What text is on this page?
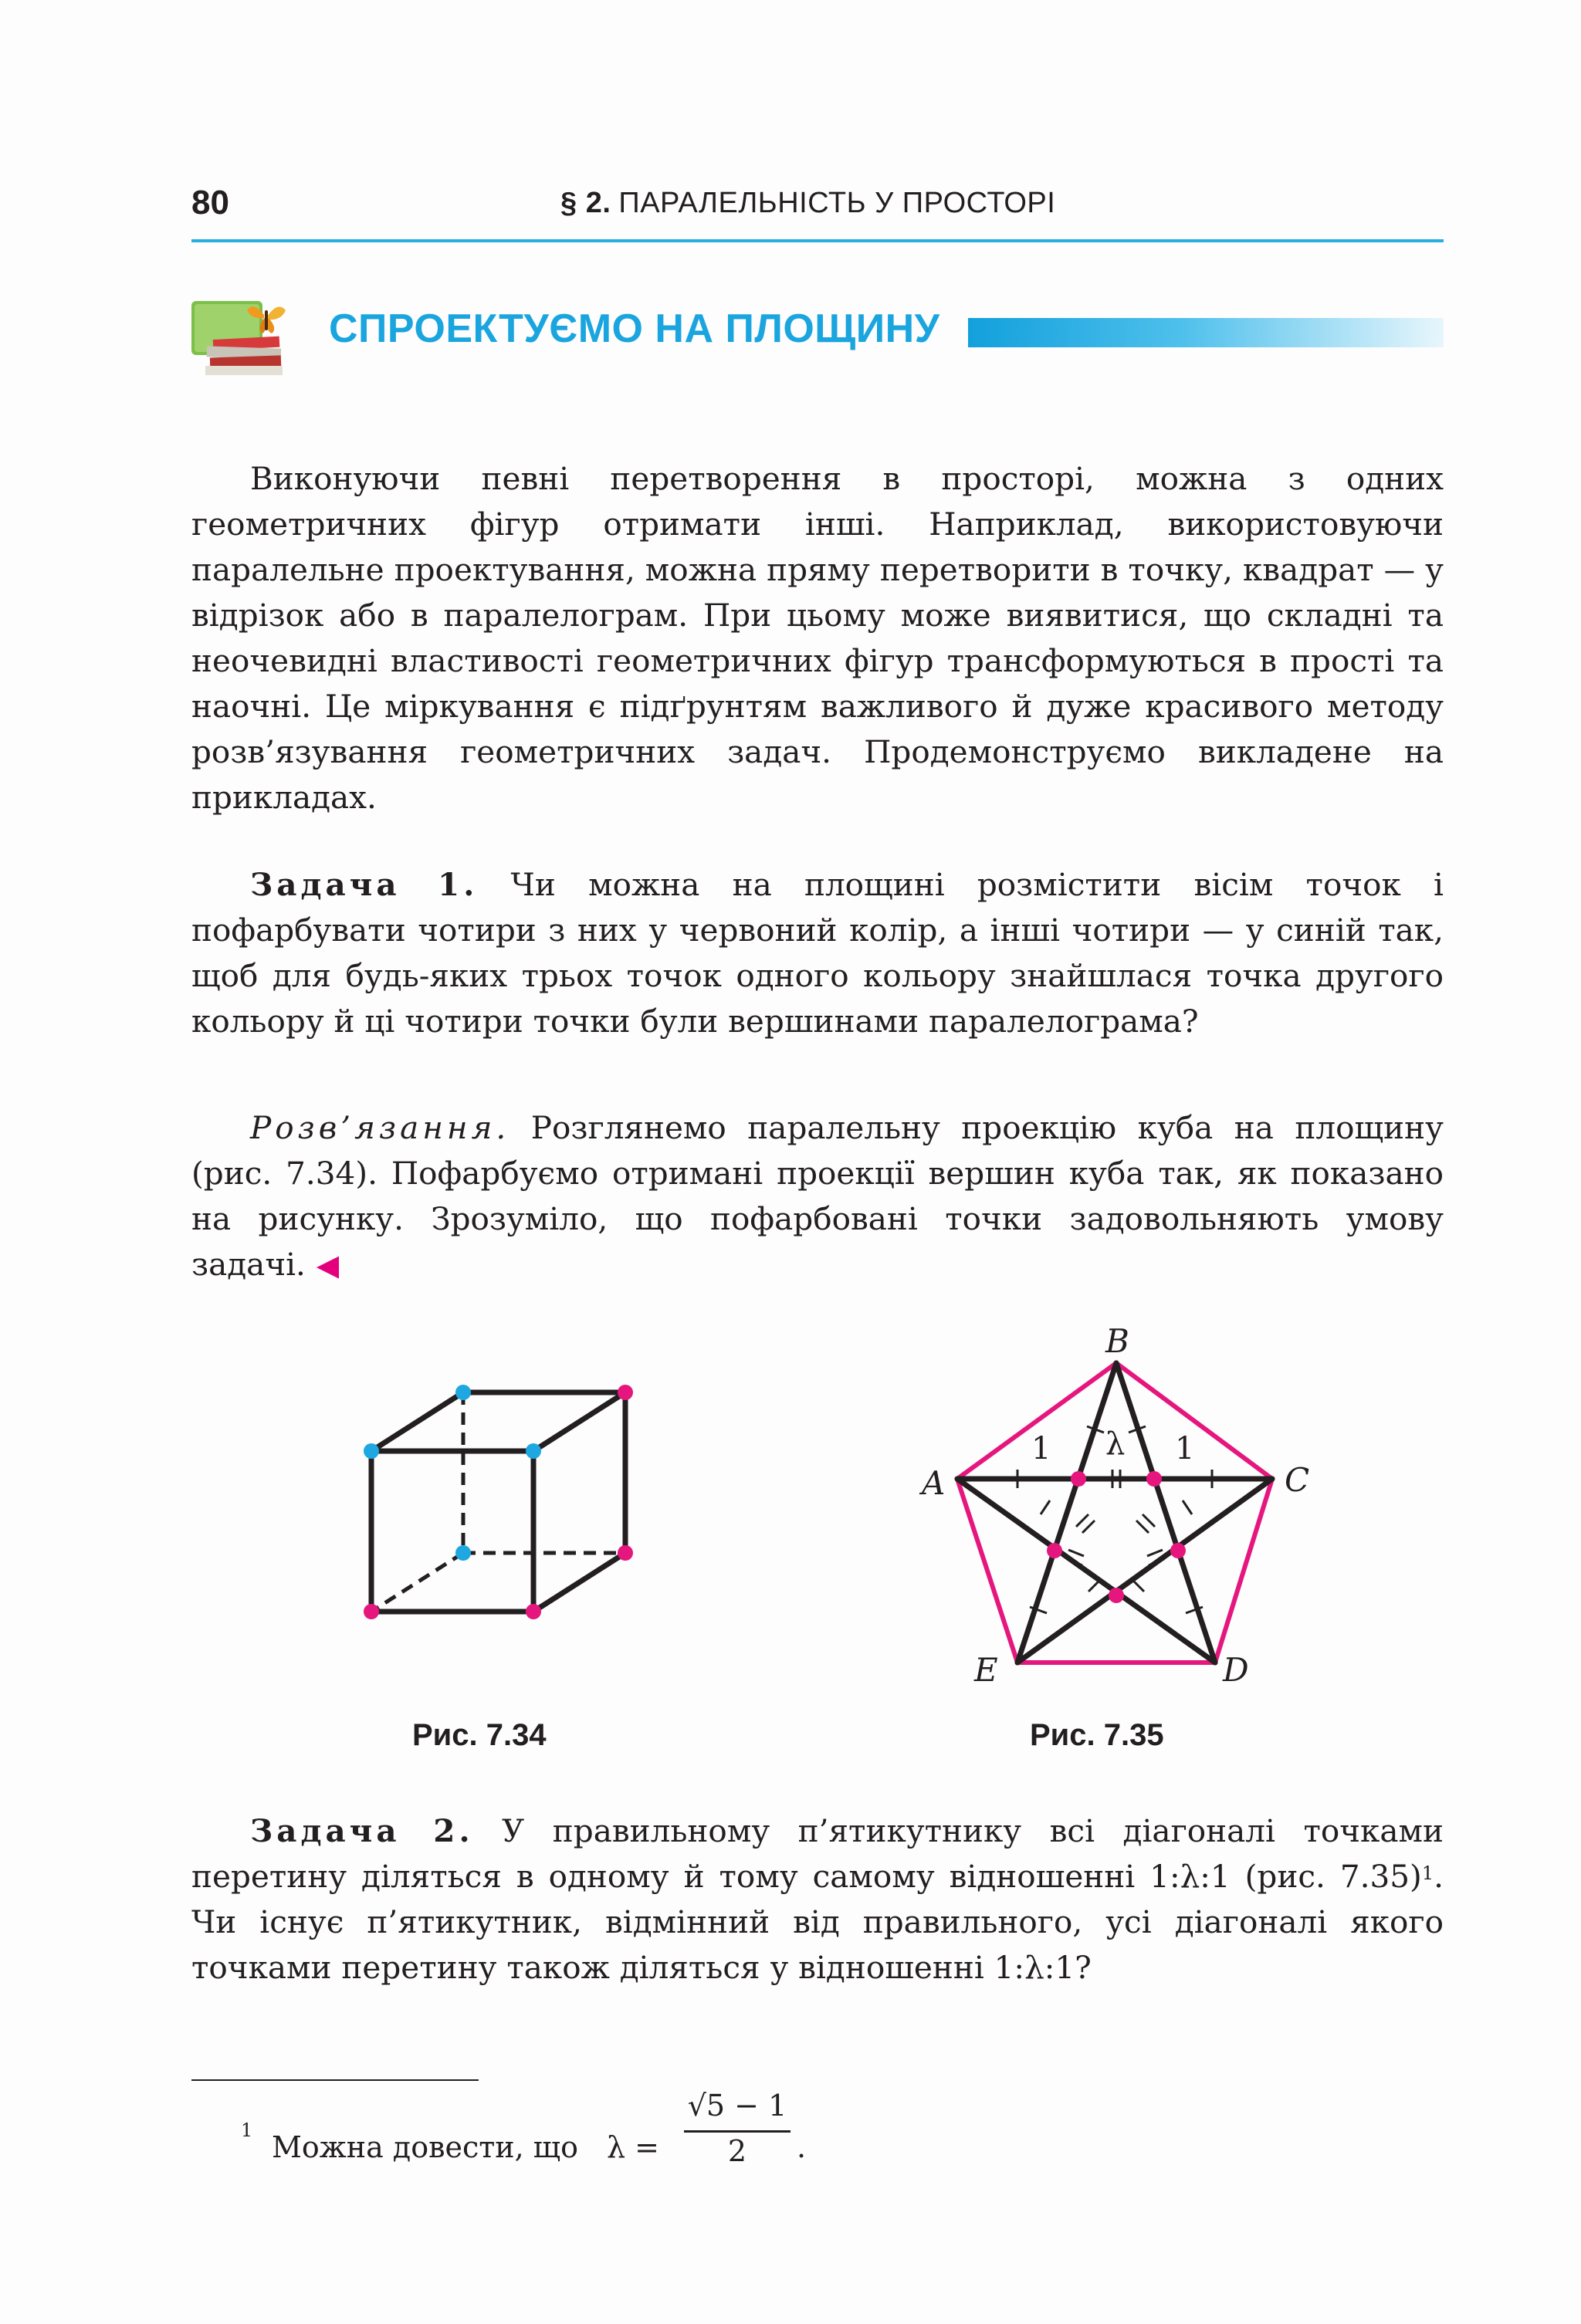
80	§ 2. ПАРАЛЕЛЬНІСТЬ У ПРОСТОРІ
СПРОЕКТУЄМО НА ПЛОЩИНУ

Виконуючи певні перетворення в просторі, можна з одних геометричних фігур отримати інші. Наприклад, використовуючи паралельне проектування, можна пряму перетворити в точку, квадрат — у відрізок або в паралелограм. При цьому може виявитися, що складні та неочевидні властивості геометричних фігур трансформуються в прості та наочні. Це міркування є підґрунтям важливого й дуже красивого методу розв’язування геометричних задач. Продемонструємо викладене на прикладах.

Задача 1. Чи можна на площині розмістити вісім точок і пофарбувати чотири з них у червоний колір, а інші чотири — у синій так, щоб для будь-яких трьох точок одного кольору знайшлася точка другого кольору й ці чотири точки були вершинами паралелограма?

Розв’язання. Розглянемо паралельну проекцію куба на площину (рис. 7.34). Пофарбуємо отримані проекції вершин куба так, як показано на рисунку. Зрозуміло, що пофарбовані точки задовольняють умову задачі. ◀

Рис. 7.34
B
C
D
E
A
1 λ 1
Рис. 7.35

Задача 2. У правильному п’ятикутнику всі діагоналі точками перетину діляться в одному й тому самому відношенні 1:λ:1 (рис. 7.35)$^1$. Чи існує п’ятикутник, відмінний від правильного, усі діагоналі якого точками перетину також діляться у відношенні 1:λ:1?

1 Можна довести, що λ =
√5 − 1
2	.
